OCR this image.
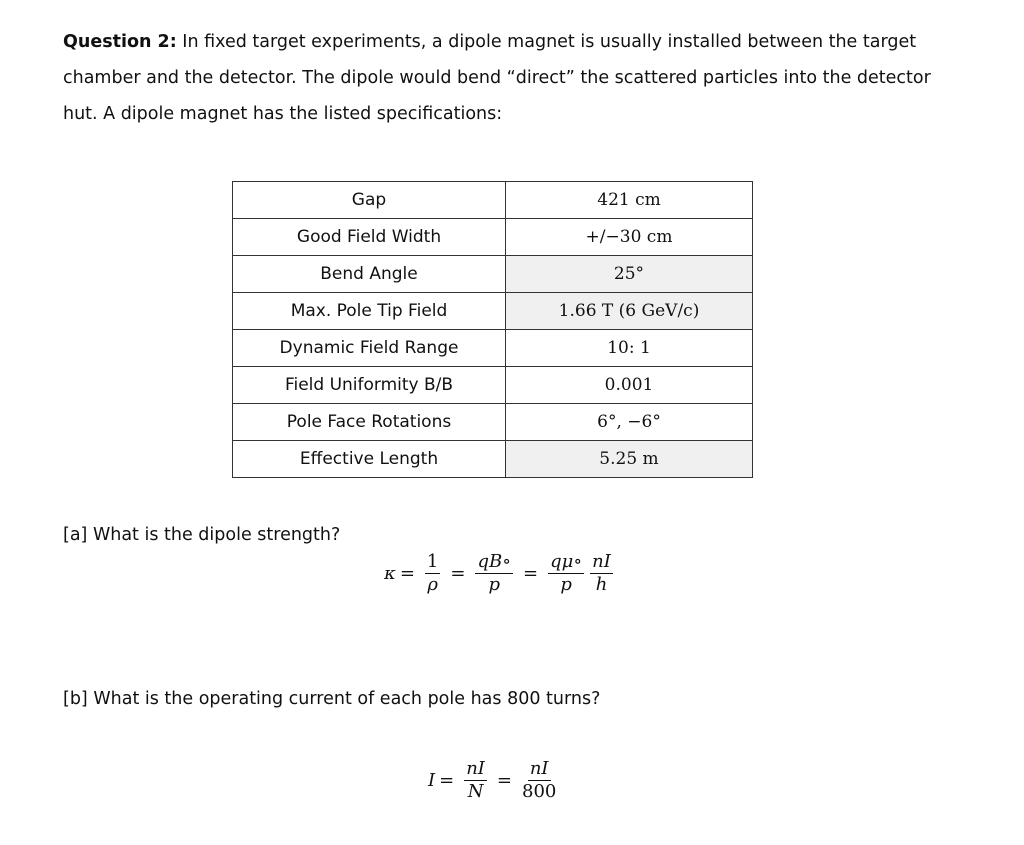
Question 2: In fixed target experiments, a dipole magnet is usually installed between the target chamber and the detector. The dipole would bend “direct” the scattered particles into the detector hut. A dipole magnet has the listed specifications:
Gap	421 cm
Good Field Width	+/−30 cm
Bend Angle	25°
Max. Pole Tip Field	1.66 T (6 GeV/c)
Dynamic Field Range	10: 1
Field Uniformity B/B	0.001
Pole Face Rotations	6°, −6°
Effective Length	5.25 m
[a] What is the dipole strength?
$\kappa = \frac{1}{\rho} = \frac{qB\circ}{p} = \frac{q\mu\circ}{p} \frac{nI}{h}$
[b] What is the operating current of each pole has 800 turns?
$I = \frac{nI}{N} = \frac{nI}{800}$
